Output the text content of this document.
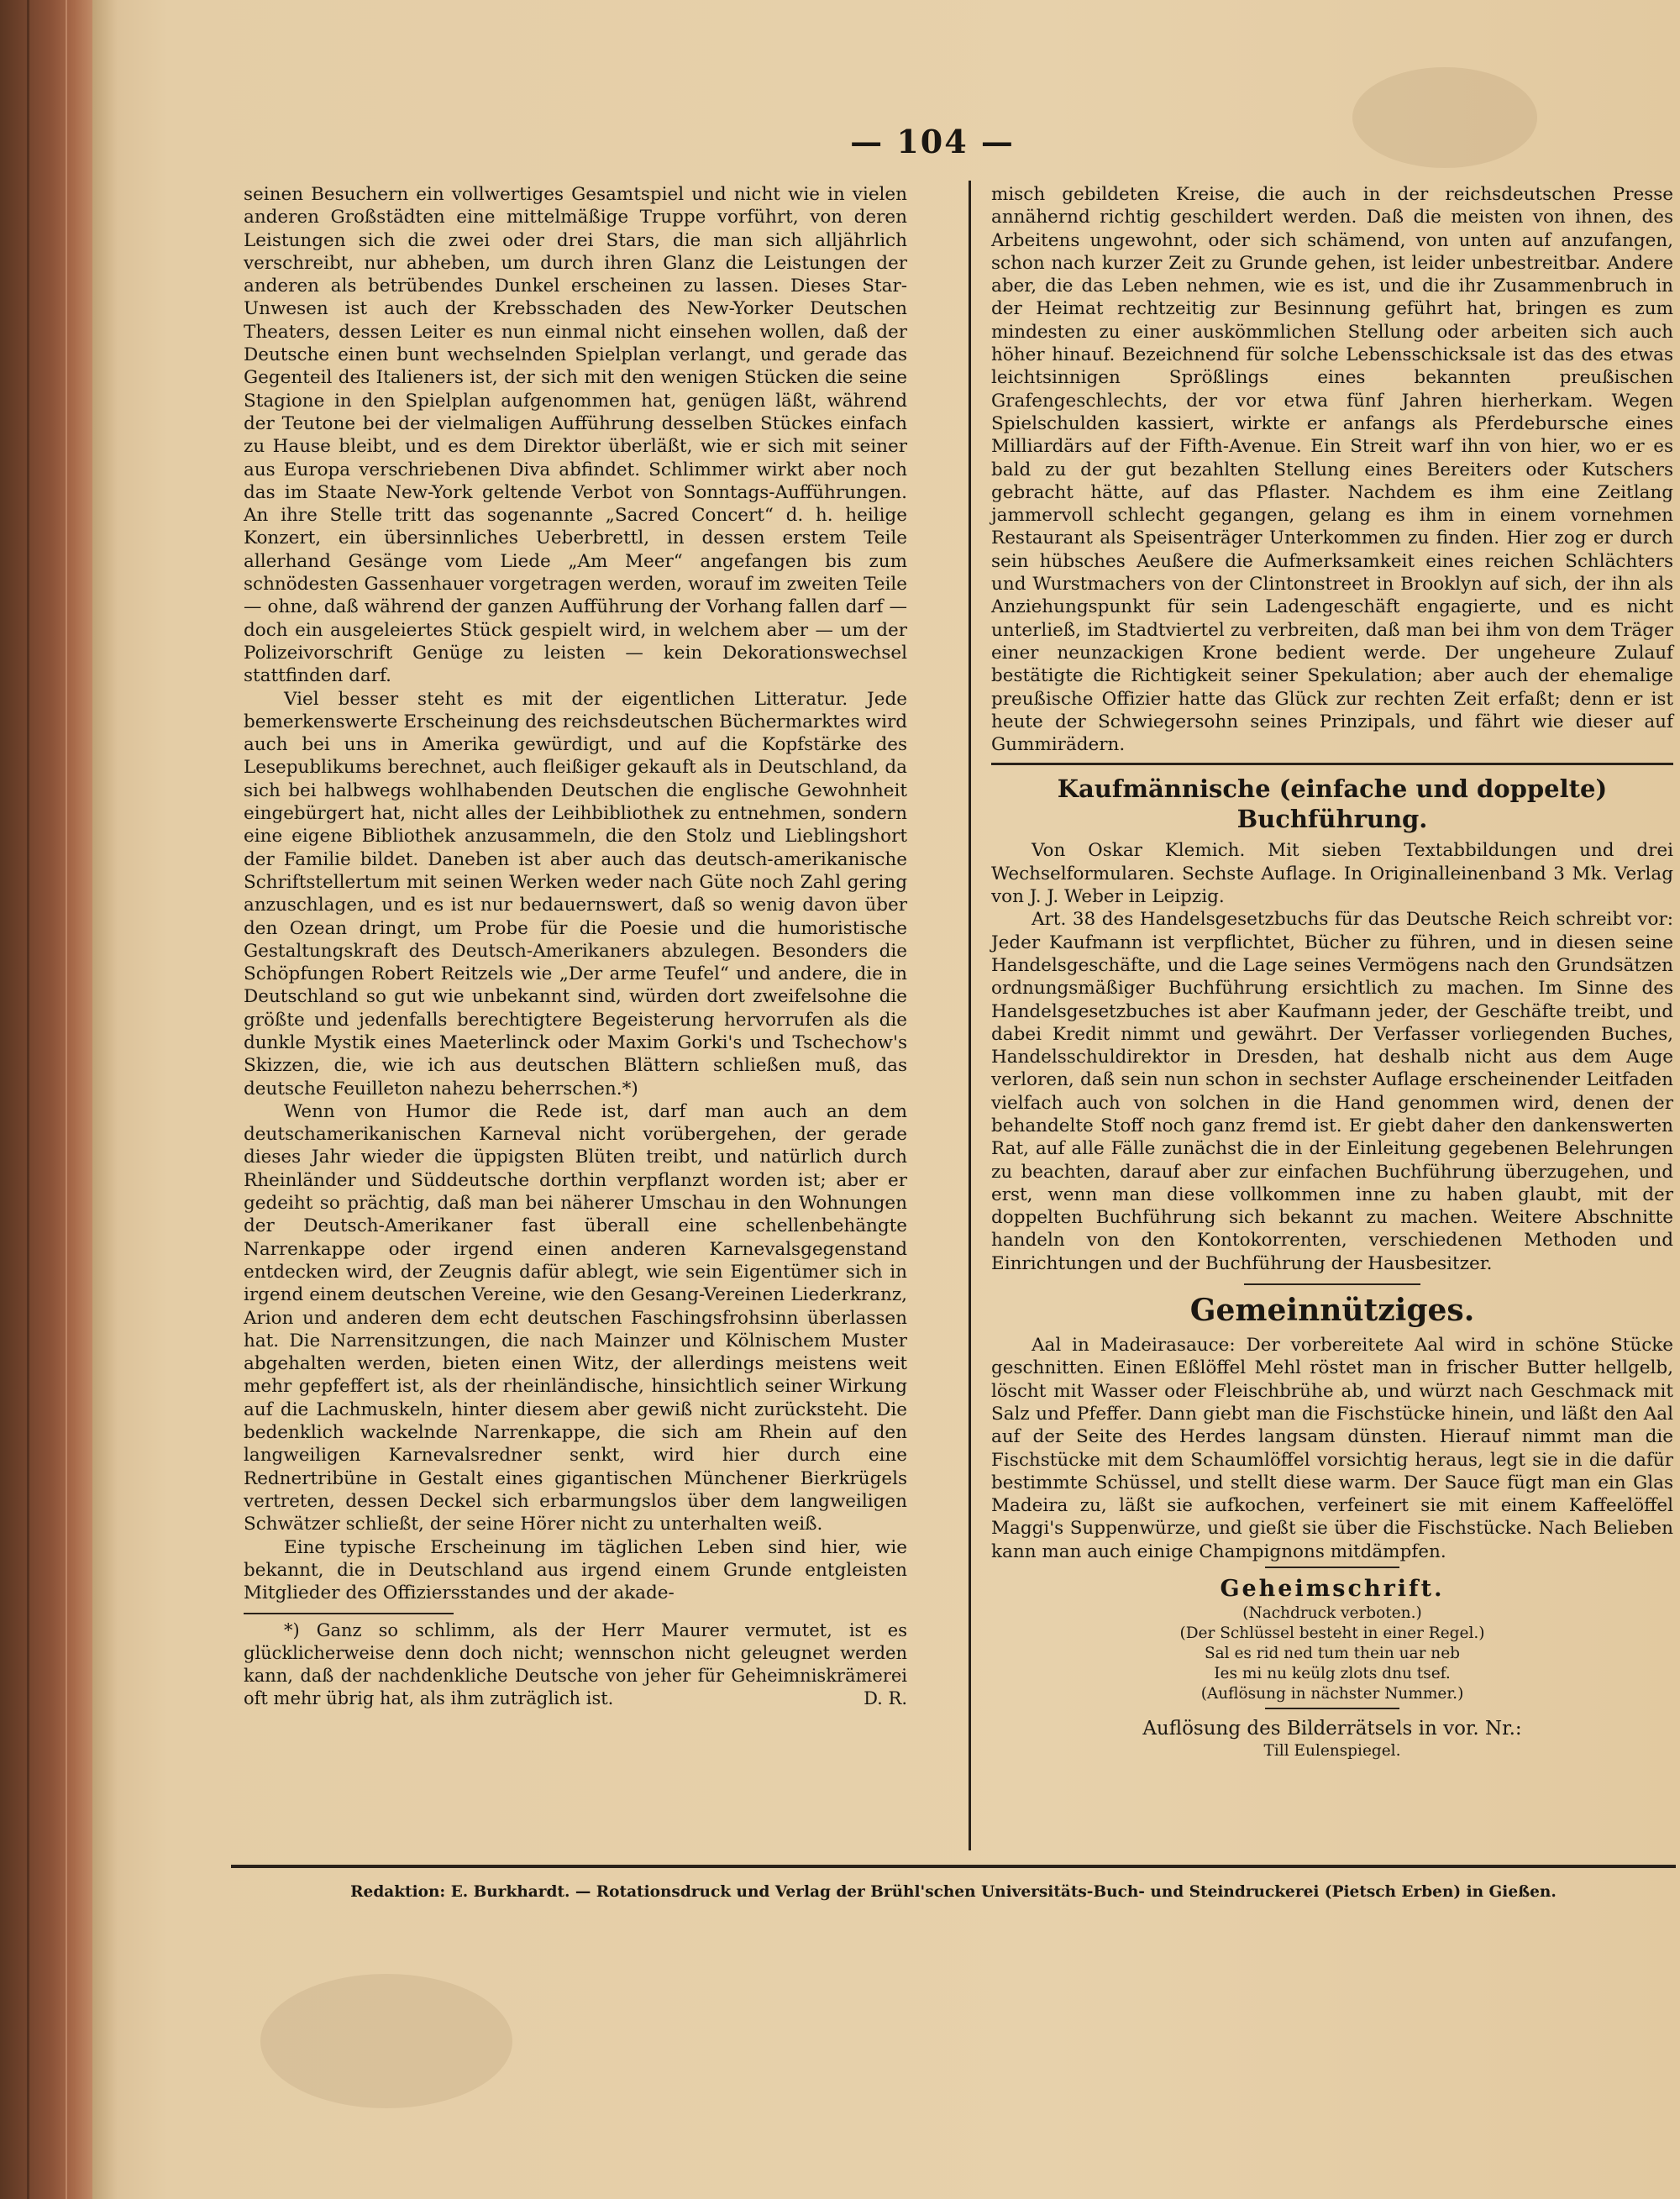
— 104 —

seinen Besuchern ein vollwertiges Gesamtspiel und nicht wie in vielen anderen Großstädten eine mittelmäßige Truppe vorführt, von deren Leistungen sich die zwei oder drei Stars, die man sich alljährlich verschreibt, nur abheben, um durch ihren Glanz die Leistungen der anderen als betrübendes Dunkel erscheinen zu lassen. Dieses Star-Unwesen ist auch der Krebsschaden des New-Yorker Deutschen Theaters, dessen Leiter es nun einmal nicht einsehen wollen, daß der Deutsche einen bunt wechselnden Spielplan verlangt, und gerade das Gegenteil des Italieners ist, der sich mit den wenigen Stücken die seine Stagione in den Spielplan aufgenommen hat, genügen läßt, während der Teutone bei der vielmaligen Aufführung desselben Stückes einfach zu Hause bleibt, und es dem Direktor überläßt, wie er sich mit seiner aus Europa verschriebenen Diva abfindet. Schlimmer wirkt aber noch das im Staate New-York geltende Verbot von Sonntags-Aufführungen. An ihre Stelle tritt das sogenannte „Sacred Concert“ d. h. heilige Konzert, ein übersinnliches Ueberbrettl, in dessen erstem Teile allerhand Gesänge vom Liede „Am Meer“ angefangen bis zum schnödesten Gassenhauer vorgetragen werden, worauf im zweiten Teile — ohne, daß während der ganzen Aufführung der Vorhang fallen darf — doch ein ausgeleiertes Stück gespielt wird, in welchem aber — um der Polizeivorschrift Genüge zu leisten — kein Dekorationswechsel stattfinden darf.

Viel besser steht es mit der eigentlichen Litteratur. Jede bemerkenswerte Erscheinung des reichsdeutschen Büchermarktes wird auch bei uns in Amerika gewürdigt, und auf die Kopfstärke des Lesepublikums berechnet, auch fleißiger gekauft als in Deutschland, da sich bei halbwegs wohlhabenden Deutschen die englische Gewohnheit eingebürgert hat, nicht alles der Leihbibliothek zu entnehmen, sondern eine eigene Bibliothek anzusammeln, die den Stolz und Lieblingshort der Familie bildet. Daneben ist aber auch das deutsch-amerikanische Schriftstellertum mit seinen Werken weder nach Güte noch Zahl gering anzuschlagen, und es ist nur bedauernswert, daß so wenig davon über den Ozean dringt, um Probe für die Poesie und die humoristische Gestaltungskraft des Deutsch-Amerikaners abzulegen. Besonders die Schöpfungen Robert Reitzels wie „Der arme Teufel“ und andere, die in Deutschland so gut wie unbekannt sind, würden dort zweifelsohne die größte und jedenfalls berechtigtere Begeisterung hervorrufen als die dunkle Mystik eines Maeterlinck oder Maxim Gorki's und Tschechow's Skizzen, die, wie ich aus deutschen Blättern schließen muß, das deutsche Feuilleton nahezu beherrschen.*)

Wenn von Humor die Rede ist, darf man auch an dem deutschamerikanischen Karneval nicht vorübergehen, der gerade dieses Jahr wieder die üppigsten Blüten treibt, und natürlich durch Rheinländer und Süddeutsche dorthin verpflanzt worden ist; aber er gedeiht so prächtig, daß man bei näherer Umschau in den Wohnungen der Deutsch-Amerikaner fast überall eine schellenbehängte Narrenkappe oder irgend einen anderen Karnevalsgegenstand entdecken wird, der Zeugnis dafür ablegt, wie sein Eigentümer sich in irgend einem deutschen Vereine, wie den Gesang-Vereinen Liederkranz, Arion und anderen dem echt deutschen Faschingsfrohsinn überlassen hat. Die Narrensitzungen, die nach Mainzer und Kölnischem Muster abgehalten werden, bieten einen Witz, der allerdings meistens weit mehr gepfeffert ist, als der rheinländische, hinsichtlich seiner Wirkung auf die Lachmuskeln, hinter diesem aber gewiß nicht zurücksteht. Die bedenklich wackelnde Narrenkappe, die sich am Rhein auf den langweiligen Karnevalsredner senkt, wird hier durch eine Rednertribüne in Gestalt eines gigantischen Münchener Bierkrügels vertreten, dessen Deckel sich erbarmungslos über dem langweiligen Schwätzer schließt, der seine Hörer nicht zu unterhalten weiß.

Eine typische Erscheinung im täglichen Leben sind hier, wie bekannt, die in Deutschland aus irgend einem Grunde entgleisten Mitglieder des Offiziersstandes und der akade-

*) Ganz so schlimm, als der Herr Maurer vermutet, ist es glücklicherweise denn doch nicht; wennschon nicht geleugnet werden kann, daß der nachdenkliche Deutsche von jeher für Geheimniskrämerei oft mehr übrig hat, als ihm zuträglich ist.	D. R.

misch gebildeten Kreise, die auch in der reichsdeutschen Presse annähernd richtig geschildert werden. Daß die meisten von ihnen, des Arbeitens ungewohnt, oder sich schämend, von unten auf anzufangen, schon nach kurzer Zeit zu Grunde gehen, ist leider unbestreitbar. Andere aber, die das Leben nehmen, wie es ist, und die ihr Zusammenbruch in der Heimat rechtzeitig zur Besinnung geführt hat, bringen es zum mindesten zu einer auskömmlichen Stellung oder arbeiten sich auch höher hinauf. Bezeichnend für solche Lebensschicksale ist das des etwas leichtsinnigen Sprößlings eines bekannten preußischen Grafengeschlechts, der vor etwa fünf Jahren hierherkam. Wegen Spielschulden kassiert, wirkte er anfangs als Pferdebursche eines Milliardärs auf der Fifth-Avenue. Ein Streit warf ihn von hier, wo er es bald zu der gut bezahlten Stellung eines Bereiters oder Kutschers gebracht hätte, auf das Pflaster. Nachdem es ihm eine Zeitlang jammervoll schlecht gegangen, gelang es ihm in einem vornehmen Restaurant als Speisenträger Unterkommen zu finden. Hier zog er durch sein hübsches Aeußere die Aufmerksamkeit eines reichen Schlächters und Wurstmachers von der Clintonstreet in Brooklyn auf sich, der ihn als Anziehungspunkt für sein Ladengeschäft engagierte, und es nicht unterließ, im Stadtviertel zu verbreiten, daß man bei ihm von dem Träger einer neunzackigen Krone bedient werde. Der ungeheure Zulauf bestätigte die Richtigkeit seiner Spekulation; aber auch der ehemalige preußische Offizier hatte das Glück zur rechten Zeit erfaßt; denn er ist heute der Schwiegersohn seines Prinzipals, und fährt wie dieser auf Gummirädern.

Kaufmännische (einfache und doppelte) Buchführung.

Von Oskar Klemich. Mit sieben Textabbildungen und drei Wechselformularen. Sechste Auflage. In Originalleinenband 3 Mk. Verlag von J. J. Weber in Leipzig.

Art. 38 des Handelsgesetzbuchs für das Deutsche Reich schreibt vor: Jeder Kaufmann ist verpflichtet, Bücher zu führen, und in diesen seine Handelsgeschäfte, und die Lage seines Vermögens nach den Grundsätzen ordnungsmäßiger Buchführung ersichtlich zu machen. Im Sinne des Handelsgesetzbuches ist aber Kaufmann jeder, der Geschäfte treibt, und dabei Kredit nimmt und gewährt. Der Verfasser vorliegenden Buches, Handelsschuldirektor in Dresden, hat deshalb nicht aus dem Auge verloren, daß sein nun schon in sechster Auflage erscheinender Leitfaden vielfach auch von solchen in die Hand genommen wird, denen der behandelte Stoff noch ganz fremd ist. Er giebt daher den dankenswerten Rat, auf alle Fälle zunächst die in der Einleitung gegebenen Belehrungen zu beachten, darauf aber zur einfachen Buchführung überzugehen, und erst, wenn man diese vollkommen inne zu haben glaubt, mit der doppelten Buchführung sich bekannt zu machen. Weitere Abschnitte handeln von den Kontokorrenten, verschiedenen Methoden und Einrichtungen und der Buchführung der Hausbesitzer.

Gemeinnütziges.

Aal in Madeirasauce: Der vorbereitete Aal wird in schöne Stücke geschnitten. Einen Eßlöffel Mehl röstet man in frischer Butter hellgelb, löscht mit Wasser oder Fleischbrühe ab, und würzt nach Geschmack mit Salz und Pfeffer. Dann giebt man die Fischstücke hinein, und läßt den Aal auf der Seite des Herdes langsam dünsten. Hierauf nimmt man die Fischstücke mit dem Schaumlöffel vorsichtig heraus, legt sie in die dafür bestimmte Schüssel, und stellt diese warm. Der Sauce fügt man ein Glas Madeira zu, läßt sie aufkochen, verfeinert sie mit einem Kaffeelöffel Maggi's Suppenwürze, und gießt sie über die Fischstücke. Nach Belieben kann man auch einige Champignons mitdämpfen.

Geheimschrift.
(Nachdruck verboten.)
(Der Schlüssel besteht in einer Regel.)
Sal es rid ned tum thein uar neb
Ies mi nu keülg zlots dnu tsef.
(Auflösung in nächster Nummer.)
Auflösung des Bilderrätsels in vor. Nr.:
Till Eulenspiegel.
Redaktion: E. Burkhardt. — Rotationsdruck und Verlag der Brühl'schen Universitäts-Buch- und Steindruckerei (Pietsch Erben) in Gießen.
